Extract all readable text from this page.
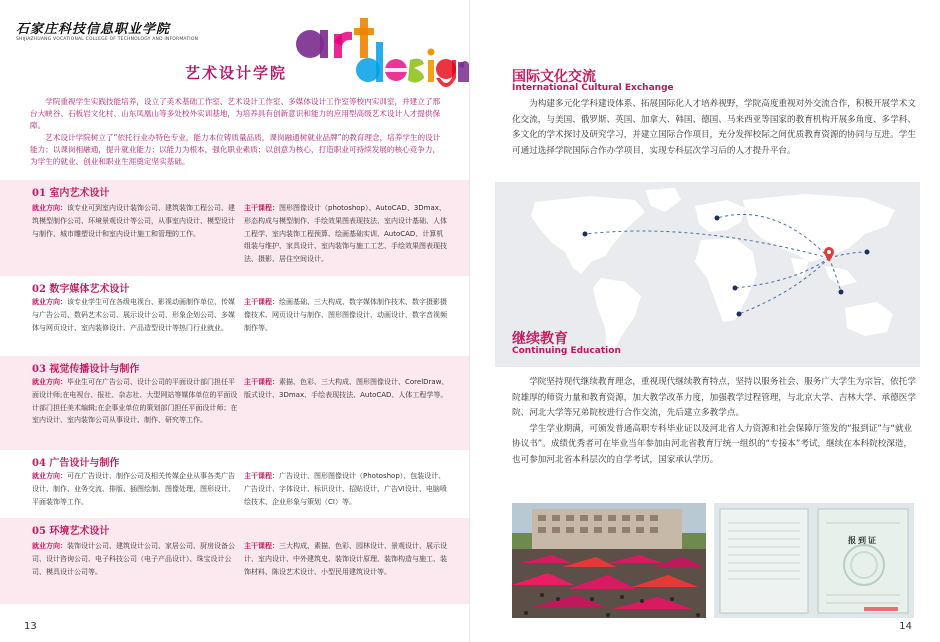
石家庄科技信息职业学院
SHIJIAZHUANG VOCATIONAL COLLEGE OF TECHNOLOGY AND INFORMATION
艺术设计学院

学院重视学生实践技能培养，设立了美术基础工作室、艺术设计工作室、多媒体设计工作室等校内实训室，并建立了邢台大峡谷、石板岩文化村、山东凤凰山等多处校外实训基地，为培养具有创新意识和能力的应用型高级艺术设计人才提供保障。

艺术设计学院树立了“依托行业办特色专业，能力本位铸质量品质，课岗融通树就业品牌”的教育理念，培养学生的设计能力；以课岗相融通，提升就业能力；以能力为根本，强化职业素质；以创意为核心，打造职业可持续发展的核心竞争力，为学生的就业、创业和职业生涯奠定坚实基础。

01 室内艺术设计
就业方向：该专业可到室内设计装饰公司、建筑装饰工程公司、建筑模型制作公司、环境景观设计等公司，从事室内设计、模型设计与制作、城市雕塑设计和室内设计施工和管理的工作。
主干课程：图形图像设计（photoshop）、AutoCAD、3Dmax、形态构成与模型制作、手绘效果图表现技法、室内设计基础、人体工程学、室内装饰工程预算、绘画基础实训、AutoCAD、计算机组装与维护、家具设计、室内装饰与施工工艺、手绘效果图表现技法、摄影、居住空间设计。
02 数字媒体艺术设计
就业方向：该专业学生可在各级电视台、影视动画制作单位、传媒与广告公司、数码艺术公司、展示设计公司、形象企划公司、多媒体与网页设计、室内装修设计、产品造型设计等热门行业就业。
主干课程：绘画基础、三大构成、数字媒体制作技术、数字摄影摄像技术、网页设计与制作、图形图像设计、动画设计、数字音视频制作等。
03 视觉传播设计与制作
就业方向：毕业生可在广告公司、设计公司的平面设计部门担任平面设计师;在电视台、报社、杂志社、大型网站等媒体单位的平面设计部门担任美术编辑;在企事业单位的策划部门担任平面设计师；在室内设计、室内装饰公司从事设计、制作、研究等工作。
主干课程：素描、色彩、三大构成、图形图像设计、CorelDraw、版式设计、3Dmax、手绘表现技法、AutoCAD、人体工程学等。
04 广告设计与制作
就业方向：可在广告设计、制作公司及相关传媒企业从事各类广告设计、制作、业务交流、排版、插图绘制、图像处理、图形设计、平面装饰等工作。
主干课程：广告设计、图形图像设计（Photoshop）、包装设计、广告设计、字体设计、标识设计、招贴设计、广告VI设计、电脑喷绘技术、企业形象与策划（CI）等。
05 环境艺术设计
就业方向：装饰设计公司、建筑设计公司、家居公司、厨房设备公司、设计咨询公司、电子科技公司（电子产品设计）、珠宝设计公司、模具设计公司等。
主干课程：三大构成、素描、色彩、园林设计、景观设计、展示设计、室内设计、中外建筑史、装饰设计原理、装饰构造与施工、装饰材料、陈设艺术设计、小型民用建筑设计等。
13
国际文化交流
International Cultural Exchange
为构建多元化学科建设体系、拓展国际化人才培养视野，学院高度重视对外交流合作，积极开展学术文化交流，与美国、俄罗斯、英国、加拿大、韩国、德国、马来西亚等国家的教育机构开展多角度、多学科、多文化的学术探讨及研究学习，并建立国际合作项目，充分发挥校际之间优质教育资源的协同与互进。学生可通过选择学院国际合作办学项目，实现专科层次学习后的人才提升平台。
继续教育
Continuing Education

学院坚持现代继续教育理念，重视现代继续教育特点，坚持以服务社会、服务广大学生为宗旨，依托学院雄厚的师资力量和教育资源，加大教学改革力度，加强教学过程管理，与北京大学、吉林大学、承德医学院、河北大学等兄弟院校进行合作交流，先后建立多教学点。

学生学业期满，可颁发普通高职专科毕业证以及河北省人力资源和社会保障厅签发的“报到证”与“就业协议书”。成绩优秀者可在毕业当年参加由河北省教育厅统一组织的“专接本”考试，继续在本科院校深造，也可参加河北省本科层次的自学考试，国家承认学历。

报到证
14
